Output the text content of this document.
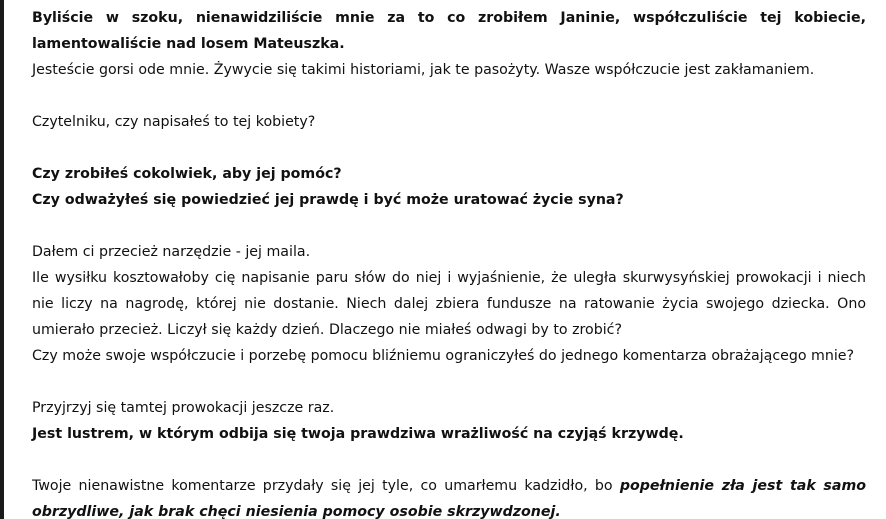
Byliście w szoku, nienawidziliście mnie za to co zrobiłem Janinie, współczuliście tej kobiecie, lamentowaliście nad losem Mateuszka.

Jesteście gorsi ode mnie. Żywycie się takimi historiami, jak te pasożyty. Wasze współczucie jest zakłamaniem.

Czytelniku, czy napisałeś to tej kobiety?

Czy zrobiłeś cokolwiek, aby jej pomóc?

Czy odważyłeś się powiedzieć jej prawdę i być może uratować życie syna?

Dałem ci przecież narzędzie - jej maila.

Ile wysiłku kosztowałoby cię napisanie paru słów do niej i wyjaśnienie, że uległa skurwysyńskiej prowokacji i niech nie liczy na nagrodę, której nie dostanie. Niech dalej zbiera fundusze na ratowanie życia swojego dziecka. Ono umierało przecież. Liczył się każdy dzień. Dlaczego nie miałeś odwagi by to zrobić?

Czy może swoje współczucie i porzebę pomocu bliźniemu ograniczyłeś do jednego komentarza obrażającego mnie?

Przyjrzyj się tamtej prowokacji jeszcze raz.

Jest lustrem, w którym odbija się twoja prawdziwa wrażliwość na czyjąś krzywdę.

Twoje nienawistne komentarze przydały się jej tyle, co umarłemu kadzidło, bo popełnienie zła jest tak samo obrzydliwe, jak brak chęci niesienia pomocy osobie skrzywdzonej.
